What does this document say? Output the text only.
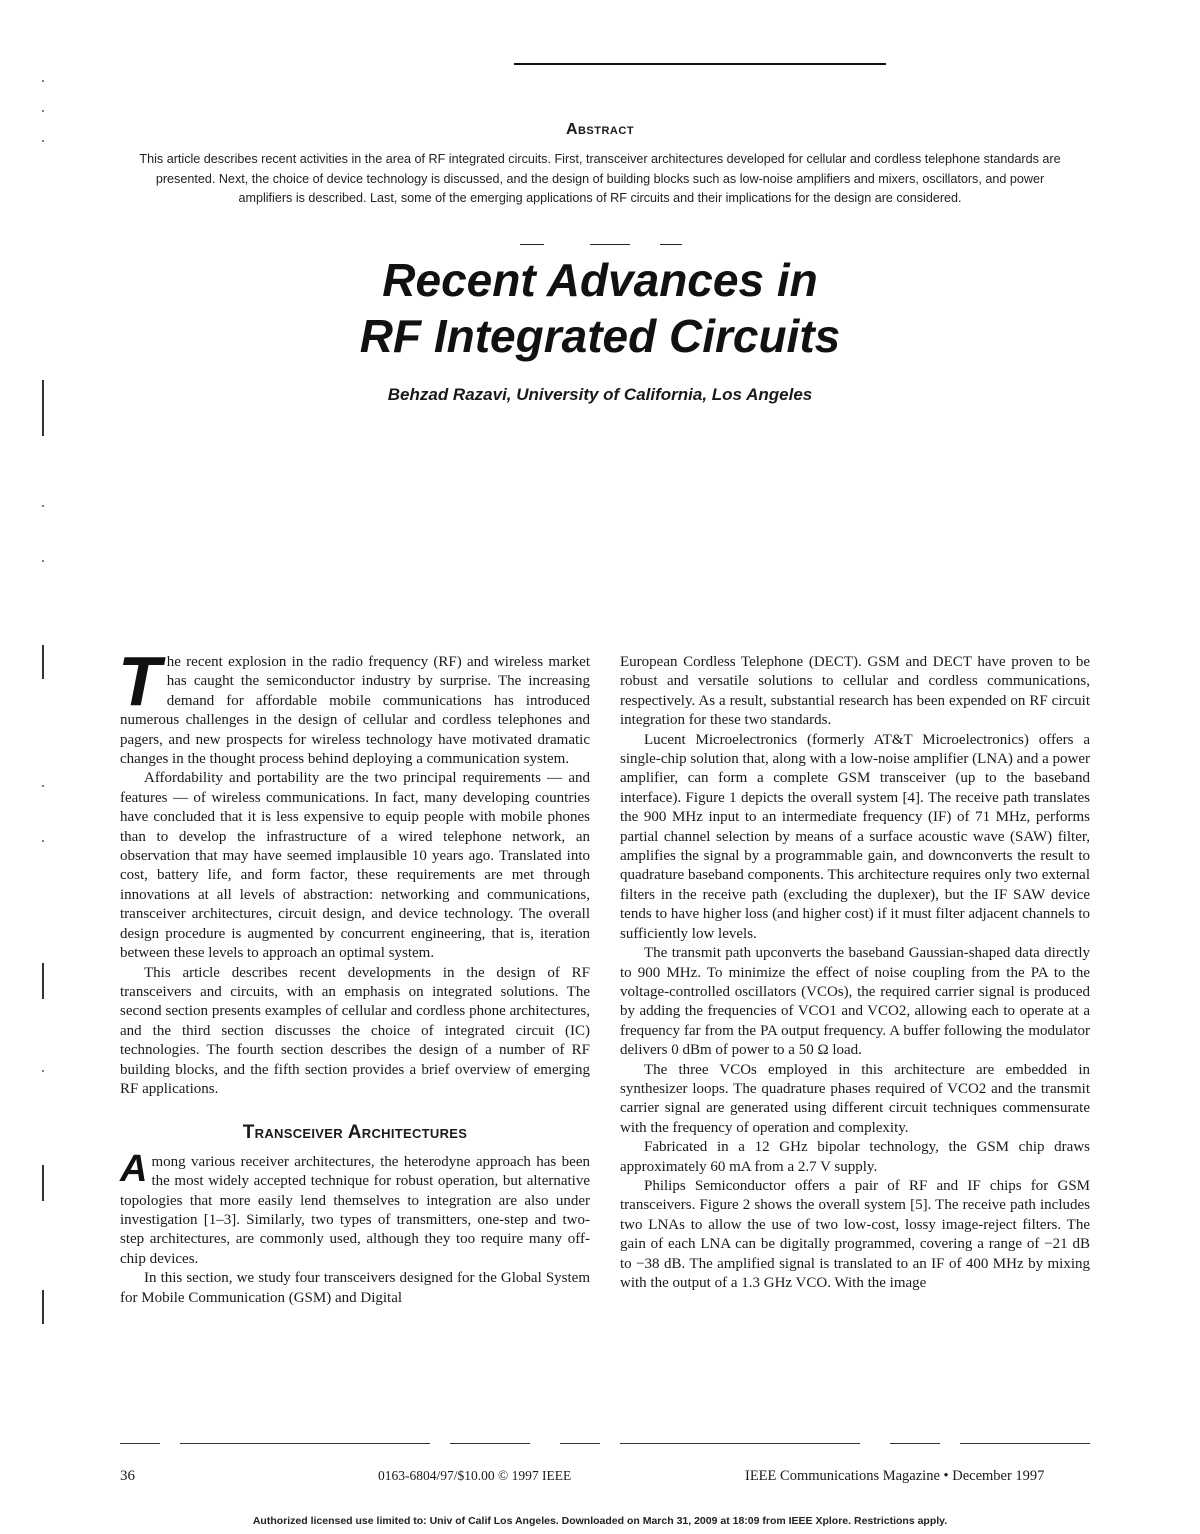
Abstract
This article describes recent activities in the area of RF integrated circuits. First, transceiver architectures developed for cellular and cordless telephone standards are presented. Next, the choice of device technology is discussed, and the design of building blocks such as low-noise amplifiers and mixers, oscillators, and power amplifiers is described. Last, some of the emerging applications of RF circuits and their implications for the design are considered.
Recent Advances in
RF Integrated Circuits
Behzad Razavi, University of California, Los Angeles

The recent explosion in the radio frequency (RF) and wireless market has caught the semiconductor industry by surprise. The increasing demand for affordable mobile communications has introduced numerous challenges in the design of cellular and cordless telephones and pagers, and new prospects for wireless technology have motivated dramatic changes in the thought process behind deploying a communication system.

Affordability and portability are the two principal requirements — and features — of wireless communications. In fact, many developing countries have concluded that it is less expensive to equip people with mobile phones than to develop the infrastructure of a wired telephone network, an observation that may have seemed implausible 10 years ago. Translated into cost, battery life, and form factor, these requirements are met through innovations at all levels of abstraction: networking and communications, transceiver architectures, circuit design, and device technology. The overall design procedure is augmented by concurrent engineering, that is, iteration between these levels to approach an optimal system.

This article describes recent developments in the design of RF transceivers and circuits, with an emphasis on integrated solutions. The second section presents examples of cellular and cordless phone architectures, and the third section discusses the choice of integrated circuit (IC) technologies. The fourth section describes the design of a number of RF building blocks, and the fifth section provides a brief overview of emerging RF applications.

Transceiver Architectures

Among various receiver architectures, the heterodyne approach has been the most widely accepted technique for robust operation, but alternative topologies that more easily lend themselves to integration are also under investigation [1–3]. Similarly, two types of transmitters, one-step and two-step architectures, are commonly used, although they too require many off-chip devices.

In this section, we study four transceivers designed for the Global System for Mobile Communication (GSM) and Digital

European Cordless Telephone (DECT). GSM and DECT have proven to be robust and versatile solutions to cellular and cordless communications, respectively. As a result, substantial research has been expended on RF circuit integration for these two standards.

Lucent Microelectronics (formerly AT&T Microelectronics) offers a single-chip solution that, along with a low-noise amplifier (LNA) and a power amplifier, can form a complete GSM transceiver (up to the baseband interface). Figure 1 depicts the overall system [4]. The receive path translates the 900 MHz input to an intermediate frequency (IF) of 71 MHz, performs partial channel selection by means of a surface acoustic wave (SAW) filter, amplifies the signal by a programmable gain, and downconverts the result to quadrature baseband components. This architecture requires only two external filters in the receive path (excluding the duplexer), but the IF SAW device tends to have higher loss (and higher cost) if it must filter adjacent channels to sufficiently low levels.

The transmit path upconverts the baseband Gaussian-shaped data directly to 900 MHz. To minimize the effect of noise coupling from the PA to the voltage-controlled oscillators (VCOs), the required carrier signal is produced by adding the frequencies of VCO1 and VCO2, allowing each to operate at a frequency far from the PA output frequency. A buffer following the modulator delivers 0 dBm of power to a 50 Ω load.

The three VCOs employed in this architecture are embedded in synthesizer loops. The quadrature phases required of VCO2 and the transmit carrier signal are generated using different circuit techniques commensurate with the frequency of operation and complexity.

Fabricated in a 12 GHz bipolar technology, the GSM chip draws approximately 60 mA from a 2.7 V supply.

Philips Semiconductor offers a pair of RF and IF chips for GSM transceivers. Figure 2 shows the overall system [5]. The receive path includes two LNAs to allow the use of two low-cost, lossy image-reject filters. The gain of each LNA can be digitally programmed, covering a range of −21 dB to −38 dB. The amplified signal is translated to an IF of 400 MHz by mixing with the output of a 1.3 GHz VCO. With the image

36	0163-6804/97/$10.00 © 1997 IEEE	IEEE Communications Magazine • December 1997
Authorized licensed use limited to: Univ of Calif Los Angeles. Downloaded on March 31, 2009 at 18:09 from IEEE Xplore. Restrictions apply.
